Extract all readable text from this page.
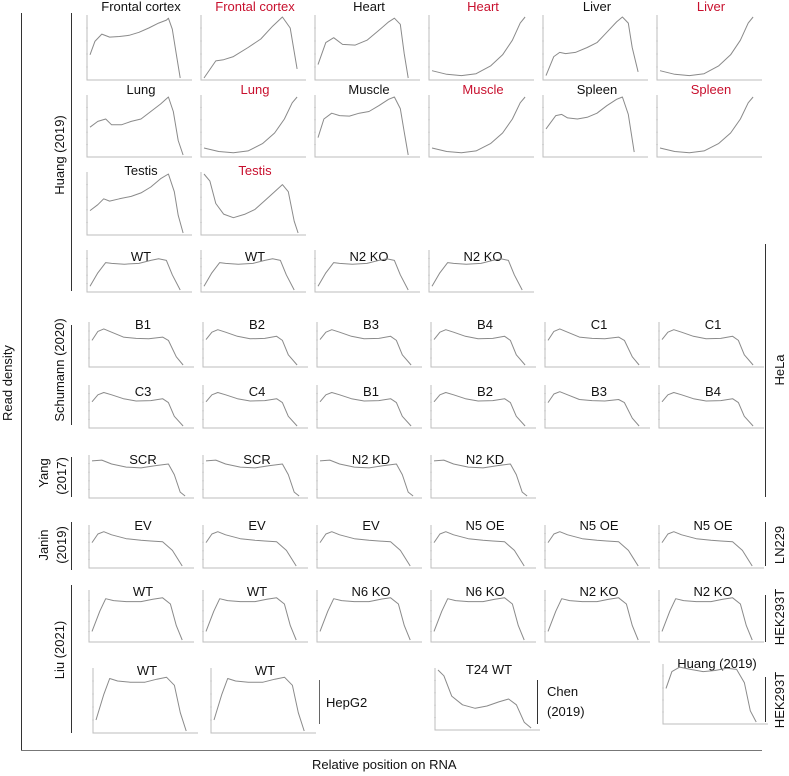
Read density
Relative position on RNA
Huang (2019)
Schumann (2020)
Yang (2017)
Janin (2019)
Liu (2021)
HeLa
LN229
HEK293T
HEK293T
HepG2
Chen
(2019)
Frontal cortex	Frontal cortex	Heart	Heart	Liver	Liver
Lung	Lung	Muscle	Muscle	Spleen	Spleen
Testis	Testis
WT	WT	N2 KO	N2 KO
B1	B2	B3	B4	C1	C1
C3	C4	B1	B2	B3	B4
SCR	SCR	N2 KD	N2 KD
EV	EV	EV	N5 OE	N5 OE	N5 OE
WT	WT	N6 KO	N6 KO	N2 KO	N2 KO
WT	WT	T24 WT	Huang (2019)
